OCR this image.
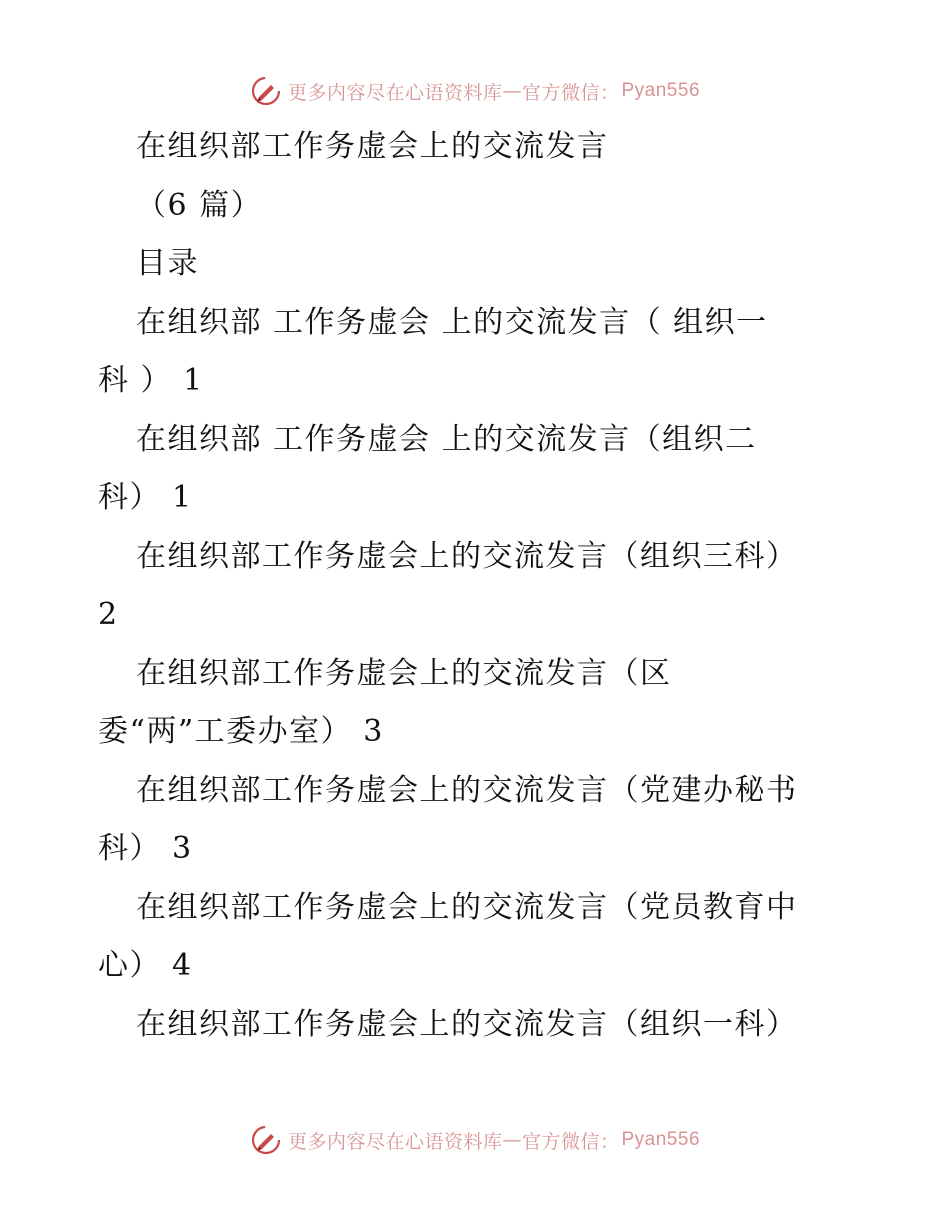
更多内容尽在心语资料库 — 官方微信： Pyan556
在组织部工作务虚会上的交流发言
（6 篇）
目录
在组织部 工作务虚会 上的交流发言（ 组织一
科 ） 1
在组织部 工作务虚会 上的交流发言（组织二
科） 1
在组织部工作务虚会上的交流发言（组织三科）
2
在组织部工作务虚会上的交流发言（区
委“两”工委办室） 3
在组织部工作务虚会上的交流发言（党建办秘书
科） 3
在组织部工作务虚会上的交流发言（党员教育中
心） 4
在组织部工作务虚会上的交流发言（组织一科）
更多内容尽在心语资料库 — 官方微信： Pyan556
